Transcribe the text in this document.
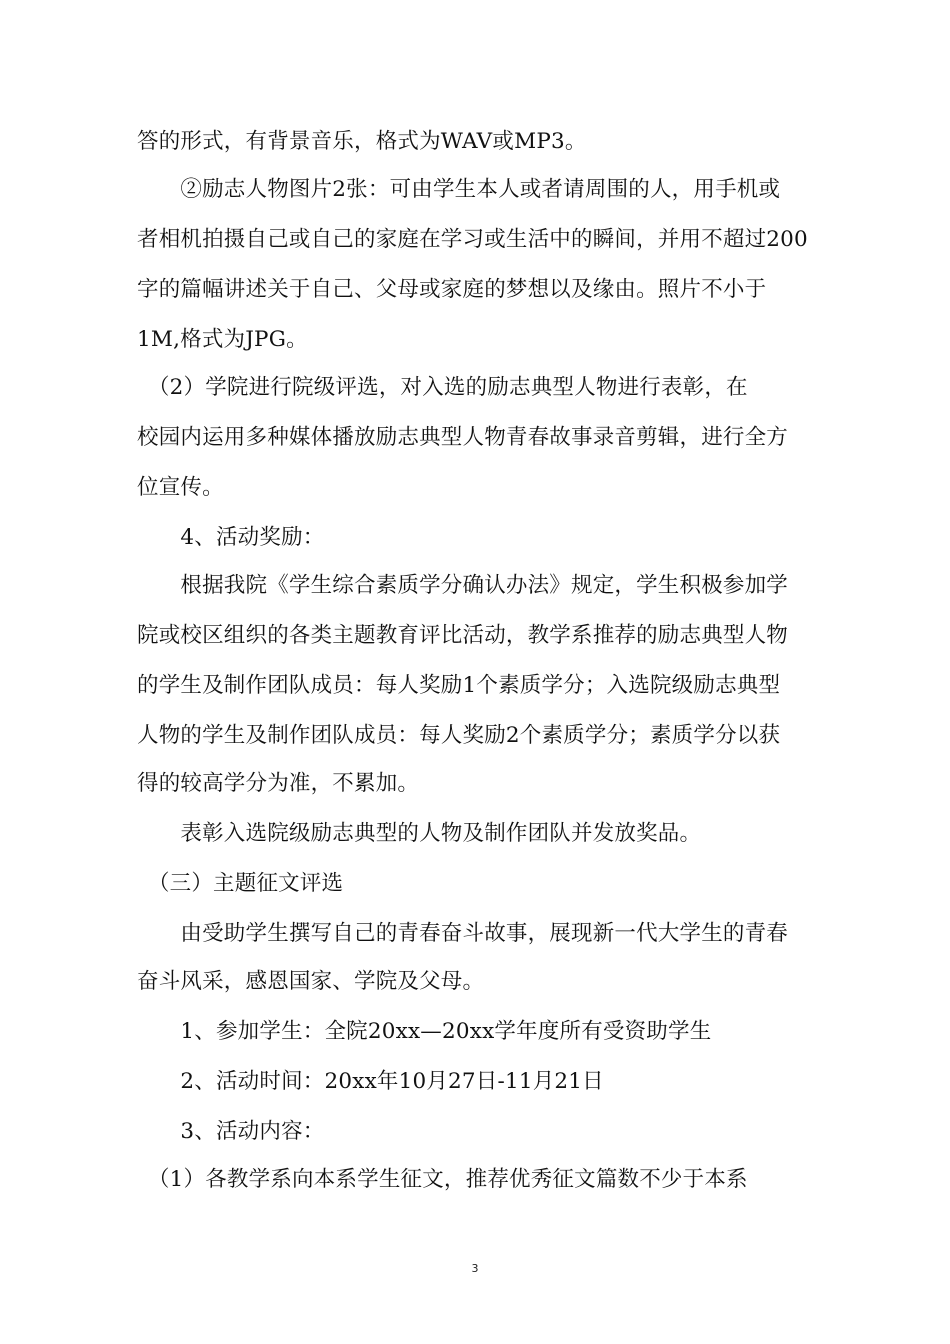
答的形式，有背景音乐，格式为WAV或MP3。
　　②励志人物图片2张：可由学生本人或者请周围的人，用手机或
者相机拍摄自己或自己的家庭在学习或生活中的瞬间，并用不超过200
字的篇幅讲述关于自己、父母或家庭的梦想以及缘由。照片不小于
1M,格式为JPG。
　（2）学院进行院级评选，对入选的励志典型人物进行表彰，在
校园内运用多种媒体播放励志典型人物青春故事录音剪辑，进行全方
位宣传。
　　4、活动奖励：
　　根据我院《学生综合素质学分确认办法》规定，学生积极参加学
院或校区组织的各类主题教育评比活动，教学系推荐的励志典型人物
的学生及制作团队成员：每人奖励1个素质学分；入选院级励志典型
人物的学生及制作团队成员：每人奖励2个素质学分；素质学分以获
得的较高学分为准，不累加。
　　表彰入选院级励志典型的人物及制作团队并发放奖品。
　（三）主题征文评选
　　由受助学生撰写自己的青春奋斗故事，展现新一代大学生的青春
奋斗风采，感恩国家、学院及父母。
　　1、参加学生：全院20xx—20xx学年度所有受资助学生
　　2、活动时间：20xx年10月27日-11月21日
　　3、活动内容：
　（1）各教学系向本系学生征文，推荐优秀征文篇数不少于本系
3
